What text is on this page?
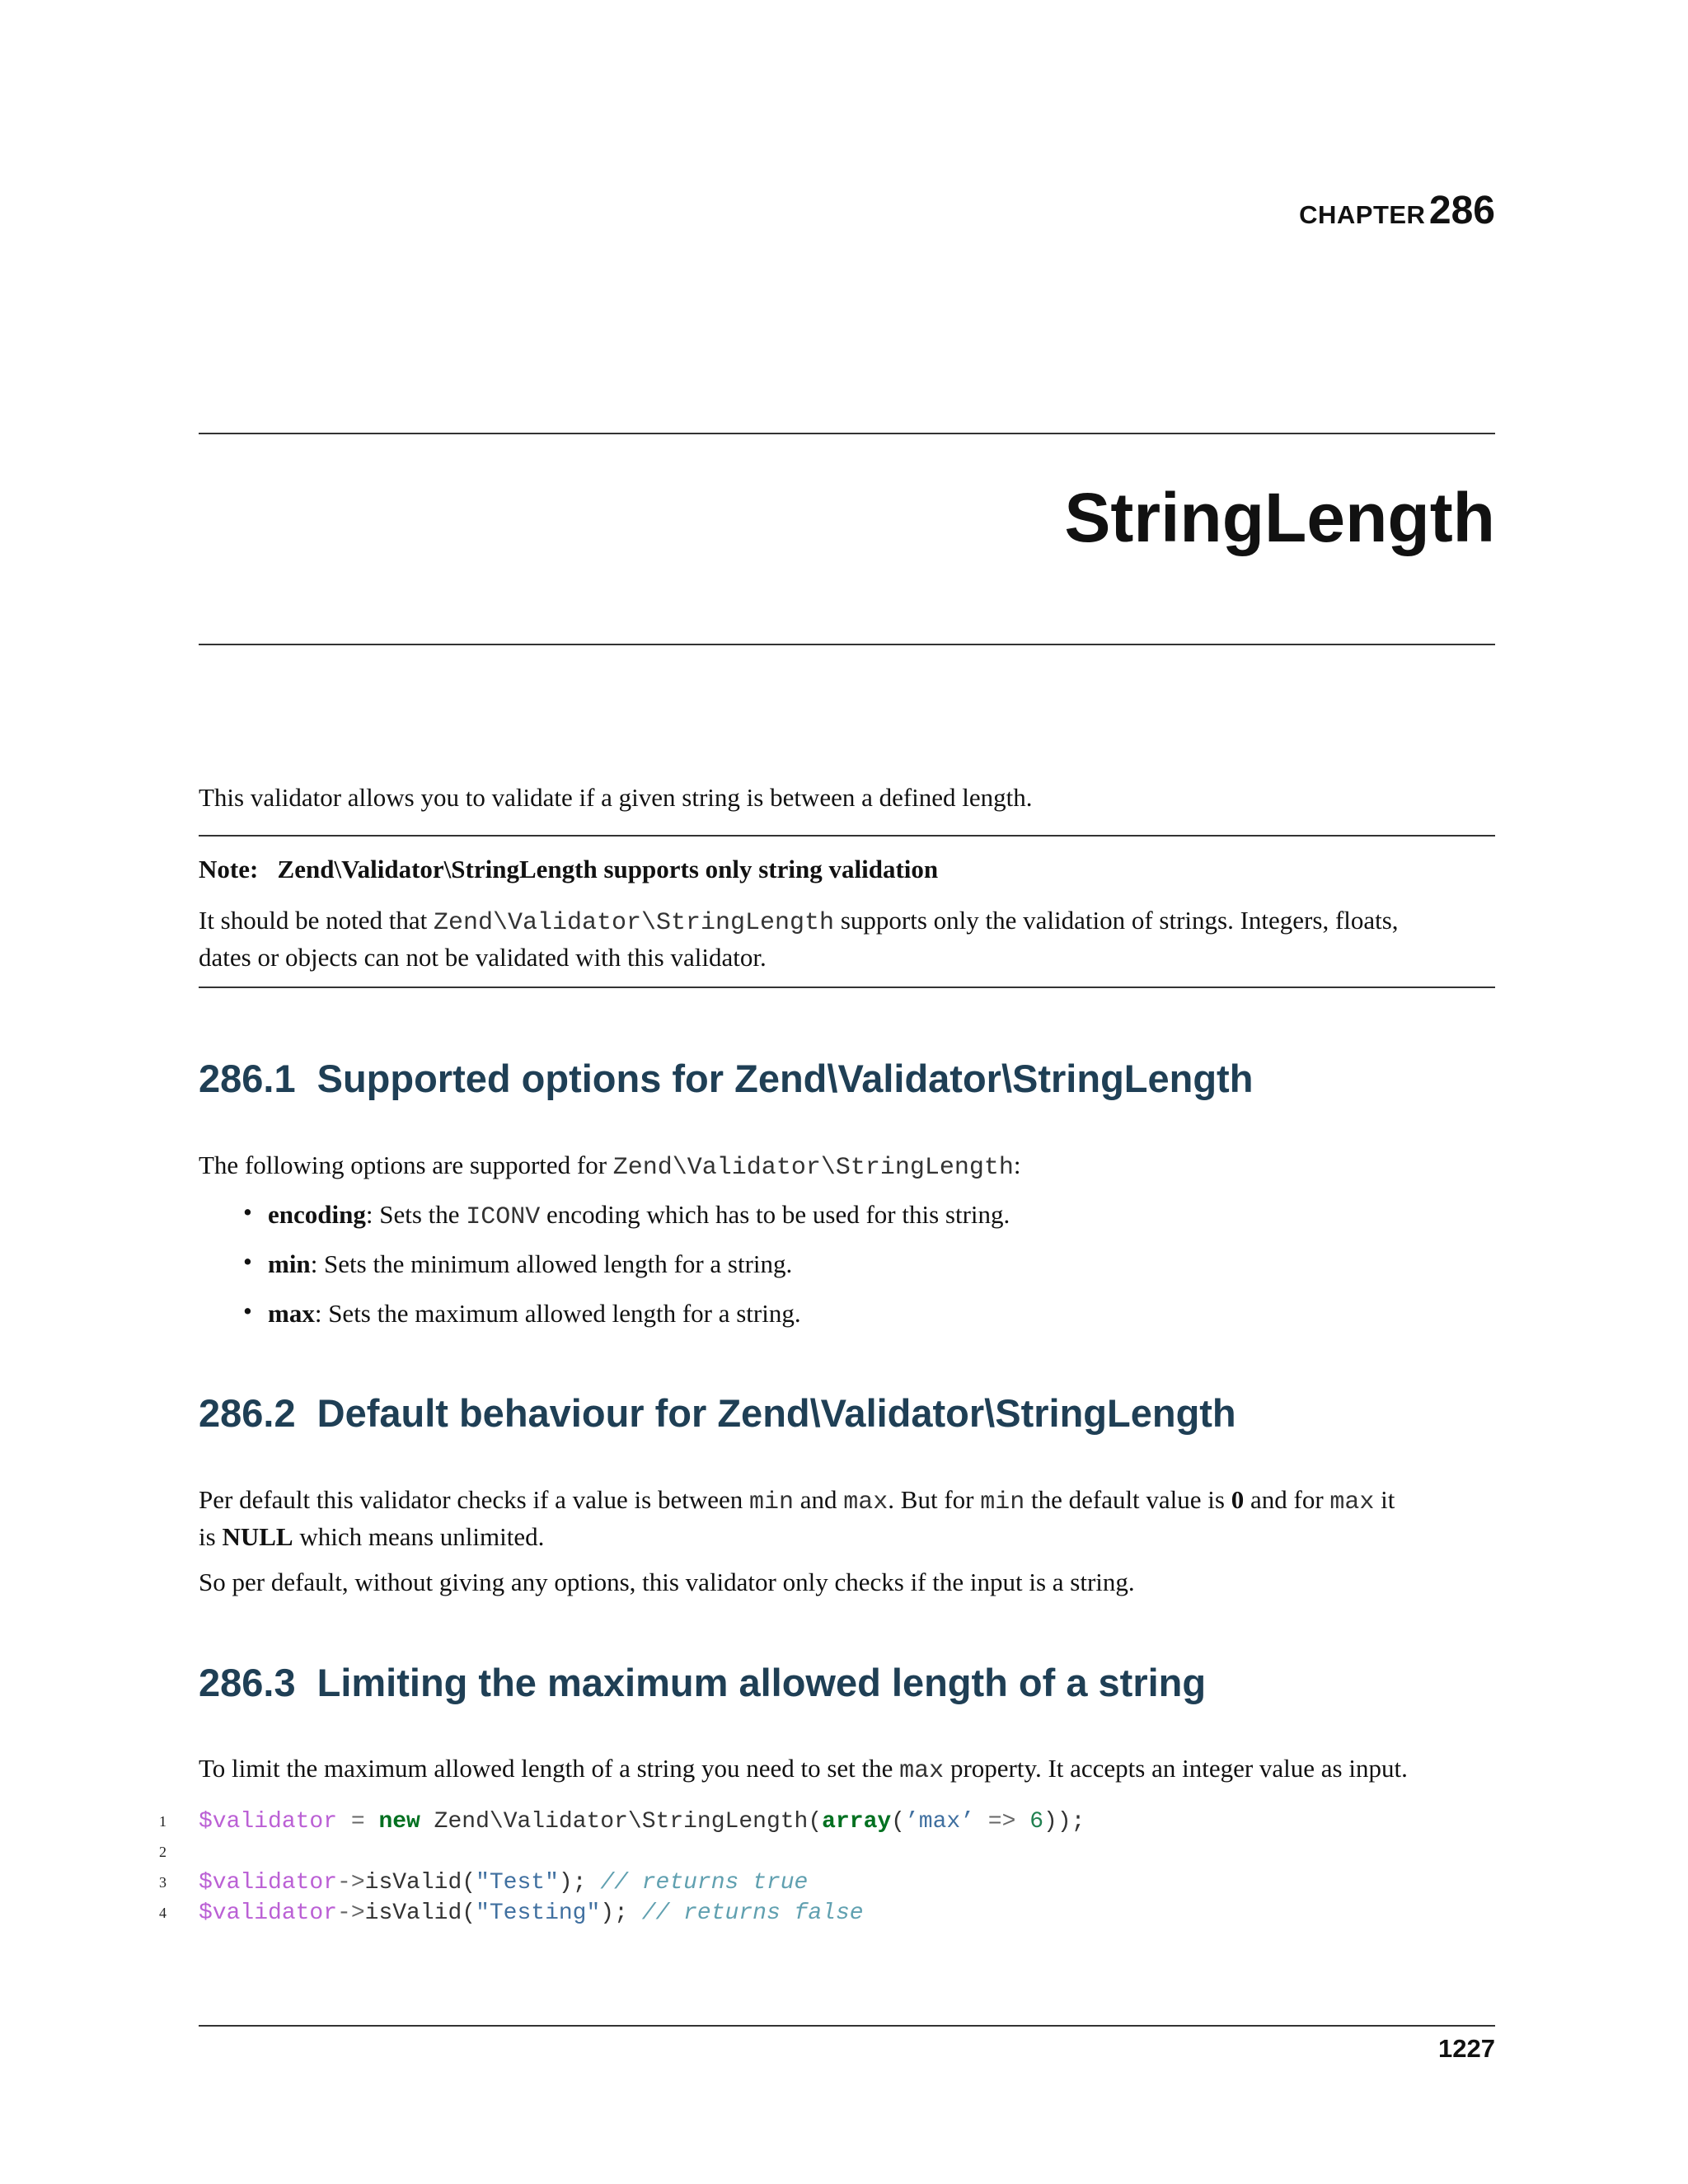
CHAPTER 286
StringLength
This validator allows you to validate if a given string is between a defined length.
Note: Zend\Validator\StringLength supports only string validation
It should be noted that Zend\Validator\StringLength supports only the validation of strings. Integers, floats,
dates or objects can not be validated with this validator.
286.1 Supported options for Zend\Validator\StringLength
The following options are supported for Zend\Validator\StringLength:
• encoding: Sets the ICONV encoding which has to be used for this string.
• min: Sets the minimum allowed length for a string.
• max: Sets the maximum allowed length for a string.
286.2 Default behaviour for Zend\Validator\StringLength
Per default this validator checks if a value is between min and max. But for min the default value is 0 and for max it
is NULL which means unlimited.
So per default, without giving any options, this validator only checks if the input is a string.
286.3 Limiting the maximum allowed length of a string
To limit the maximum allowed length of a string you need to set the max property. It accepts an integer value as input.
1
2
3
4
$validator = new Zend\Validator\StringLength(array(’max’ => 6));
$validator->isValid("Test"); // returns true
$validator->isValid("Testing"); // returns false
1227
